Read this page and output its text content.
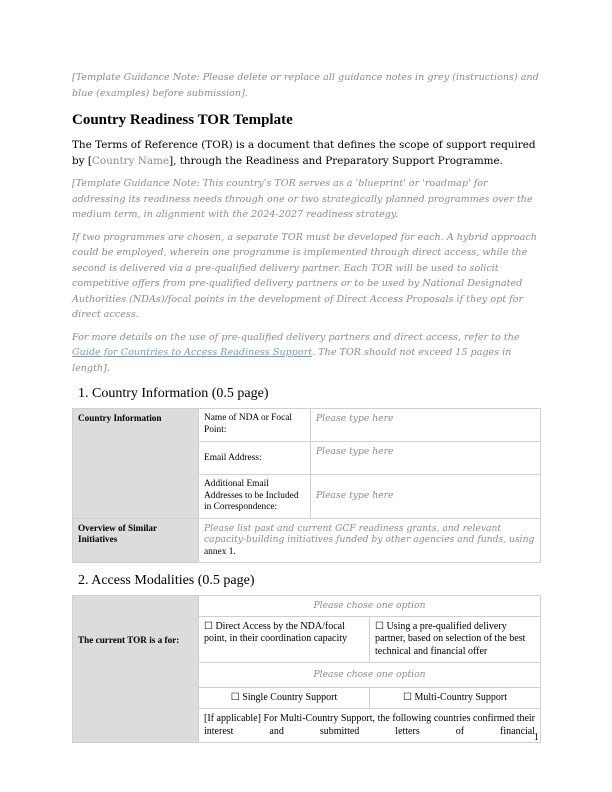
[Template Guidance Note: Please delete or replace all guidance notes in grey (instructions) and blue (examples) before submission].

Country Readiness TOR Template

The Terms of Reference (TOR) is a document that defines the scope of support required by [Country Name], through the Readiness and Preparatory Support Programme.

[Template Guidance Note: This country's TOR serves as a 'blueprint' or 'roadmap' for addressing its readiness needs through one or two strategically planned programmes over the medium term, in alignment with the 2024-2027 readiness strategy.

If two programmes are chosen, a separate TOR must be developed for each. A hybrid approach could be employed, wherein one programme is implemented through direct access, while the second is delivered via a pre-qualified delivery partner. Each TOR will be used to solicit competitive offers from pre-qualified delivery partners or to be used by National Designated Authorities (NDAs)/focal points in the development of Direct Access Proposals if they opt for direct access.

For more details on the use of pre-qualified delivery partners and direct access, refer to the Guide for Countries to Access Readiness Support. The TOR should not exceed 15 pages in length].

1. Country Information (0.5 page)

Country Information	Name of NDA or Focal Point:	Please type here
	Email Address:	Please type here
	Additional Email Addresses to be Included in Correspondence:	Please type here
Overview of Similar Initiatives	Please list past and current GCF readiness grants, and relevant capacity-building initiatives funded by other agencies and funds, using annex 1.	

2. Access Modalities (0.5 page)

The current TOR is a for:	Please chose one option	
	☐ Direct Access by the NDA/focal point, in their coordination capacity	☐ Using a pre-qualified delivery partner, based on selection of the best technical and financial offer
	Please chose one option	
	☐ Single Country Support	☐ Multi-Country Support
	[If applicable] For Multi-Country Support, the following countries confirmed their interest and submitted letters of financial	
1
